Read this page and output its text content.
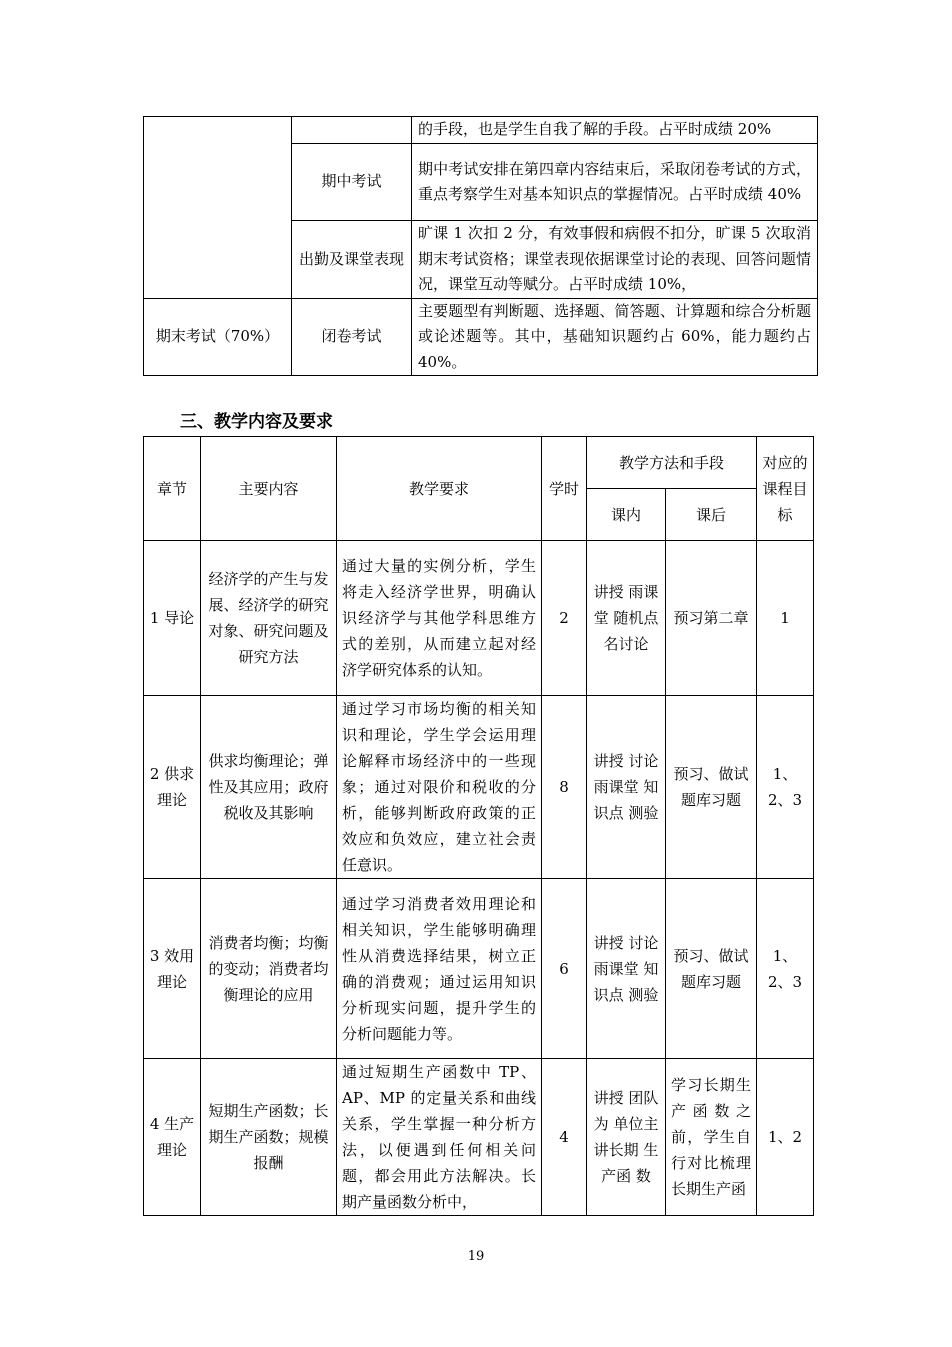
		的手段，也是学生自我了解的手段。占平时成绩 20%
	期中考试	期中考试安排在第四章内容结束后，采取闭卷考试的方式，重点考察学生对基本知识点的掌握情况。占平时成绩 40%
	出勤及课堂表现	旷课 1 次扣 2 分，有效事假和病假不扣分，旷课 5 次取消期末考试资格；课堂表现依据课堂讨论的表现、回答问题情况，课堂互动等赋分。占平时成绩 10%，
期末考试（70%）	闭卷考试	主要题型有判断题、选择题、简答题、计算题和综合分析题或论述题等。其中，基础知识题约占 60%，能力题约占 40%。
三、教学内容及要求
章节	主要内容	教学要求	学时	教学方法和手段		对应的课程目标
				课内	课后	
1 导论	经济学的产生与发展、经济学的研究对象、研究问题及研究方法	通过大量的实例分析，学生将走入经济学世界，明确认识经济学与其他学科思维方式的差别，从而建立起对经济学研究体系的认知。	2	讲授 雨课堂 随机点 名讨论	预习第二章	1
2 供求理论	供求均衡理论；弹性及其应用；政府税收及其影响	通过学习市场均衡的相关知识和理论，学生学会运用理论解释市场经济中的一些现象；通过对限价和税收的分析，能够判断政府政策的正效应和负效应，建立社会责任意识。	8	讲授 讨论 雨课堂 知识点 测验	预习、做试题库习题	1、2、3
3 效用理论	消费者均衡；均衡的变动；消费者均衡理论的应用	通过学习消费者效用理论和相关知识，学生能够明确理性从消费选择结果，树立正确的消费观；通过运用知识分析现实问题，提升学生的分析问题能力等。	6	讲授 讨论 雨课堂 知识点 测验	预习、做试题库习题	1、2、3
4 生产理论	短期生产函数；长期生产函数；规模报酬	通过短期生产函数中 TP、AP、MP 的定量关系和曲线关系，学生掌握一种分析方法，以便遇到任何相关问题，都会用此方法解决。长期产量函数分析中，	4	讲授 团队为 单位主 讲长期 生产函 数	学习长期生产函数之前，学生自行对比梳理长期生产函	1、2
19
